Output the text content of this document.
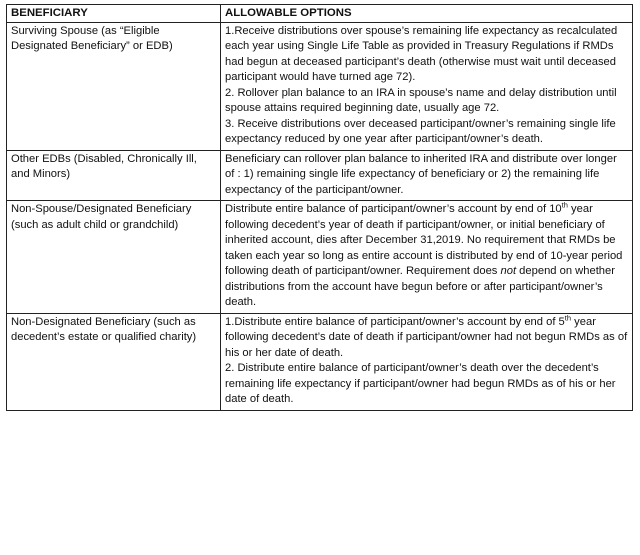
BENEFICIARY	ALLOWABLE OPTIONS
Surviving Spouse (as “Eligible Designated Beneficiary” or EDB)	1.Receive distributions over spouse’s remaining life expectancy as recalculated each year using Single Life Table as provided in Treasury Regulations if RMDs had begun at deceased participant’s death (otherwise must wait until deceased participant would have turned age 72).
2. Rollover plan balance to an IRA in spouse’s name and delay distribution until spouse attains required beginning date, usually age 72.
3. Receive distributions over deceased participant/owner’s remaining single life expectancy reduced by one year after participant/owner’s death.

Other EDBs (Disabled, Chronically Ill, and Minors)	Beneficiary can rollover plan balance to inherited IRA and distribute over longer of : 1) remaining single life expectancy of beneficiary or 2) the remaining life expectancy of the participant/owner.

Non-Spouse/Designated Beneficiary (such as adult child or grandchild)	Distribute entire balance of participant/owner’s account by end of 10th year following decedent’s year of death if participant/owner, or initial beneficiary of inherited account, dies after December 31,2019. No requirement that RMDs be taken each year so long as entire account is distributed by end of 10-year period following death of participant/owner. Requirement does not depend on whether distributions from the account have begun before or after participant/owner’s death.

Non-Designated Beneficiary (such as decedent’s estate or qualified charity)	1.Distribute entire balance of participant/owner’s account by end of 5th year following decedent’s date of death if participant/owner had not begun RMDs as of his or her date of death.
2. Distribute entire balance of participant/owner’s death over the decedent’s remaining life expectancy if participant/owner had begun RMDs as of his or her date of death.
